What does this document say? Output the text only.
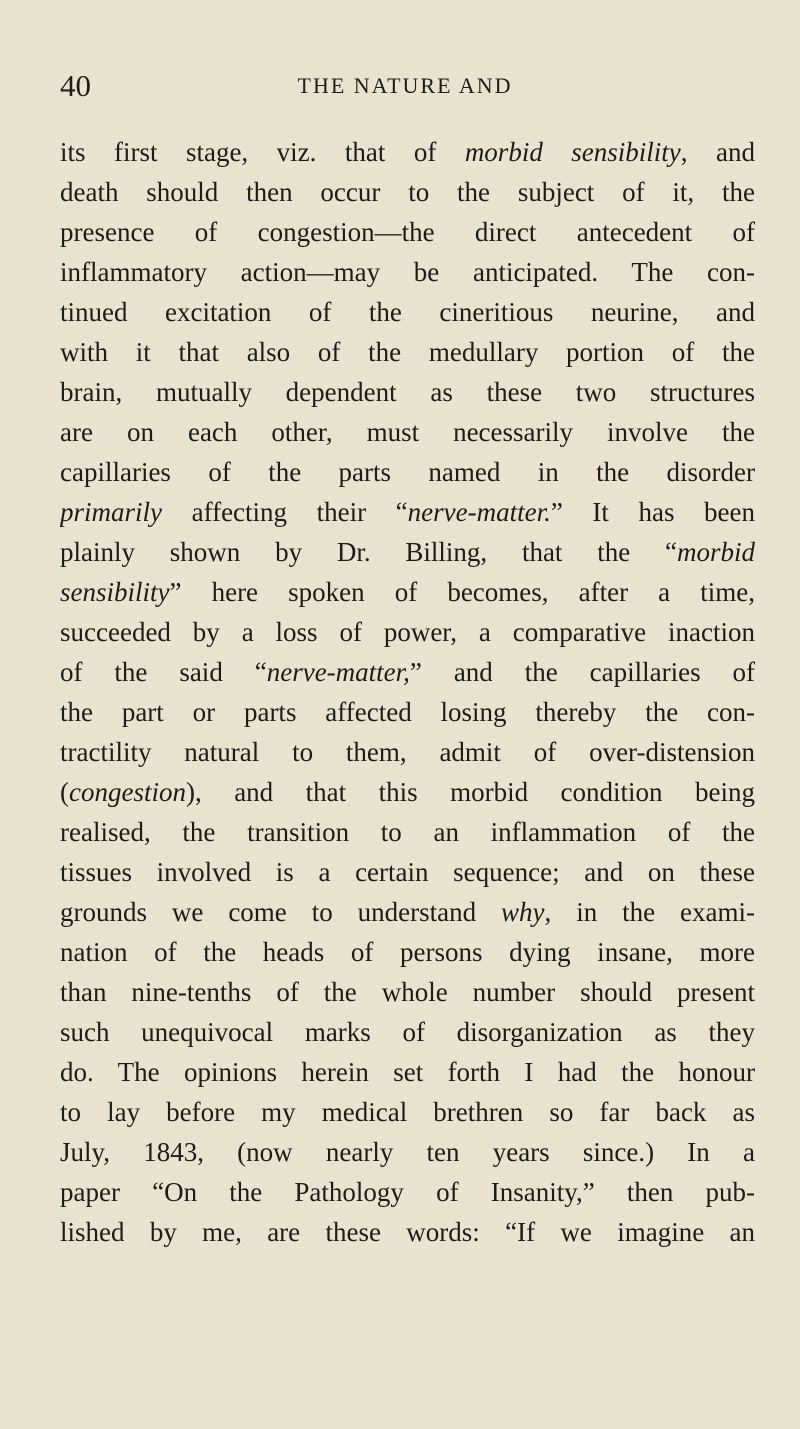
40	THE NATURE AND
its first stage, viz. that of morbid sensibility, and
death should then occur to the subject of it, the
presence of congestion—the direct antecedent of
inflammatory action—may be anticipated. The con-
tinued excitation of the cineritious neurine, and
with it that also of the medullary portion of the
brain, mutually dependent as these two structures
are on each other, must necessarily involve the
capillaries of the parts named in the disorder
primarily affecting their “nerve-matter.” It has been
plainly shown by Dr. Billing, that the “morbid
sensibility” here spoken of becomes, after a time,
succeeded by a loss of power, a comparative inaction
of the said “nerve-matter,” and the capillaries of
the part or parts affected losing thereby the con-
tractility natural to them, admit of over-distension
(congestion), and that this morbid condition being
realised, the transition to an inflammation of the
tissues involved is a certain sequence; and on these
grounds we come to understand why, in the exami-
nation of the heads of persons dying insane, more
than nine-tenths of the whole number should present
such unequivocal marks of disorganization as they
do. The opinions herein set forth I had the honour
to lay before my medical brethren so far back as
July, 1843, (now nearly ten years since.) In a
paper “On the Pathology of Insanity,” then pub-
lished by me, are these words: “If we imagine an
